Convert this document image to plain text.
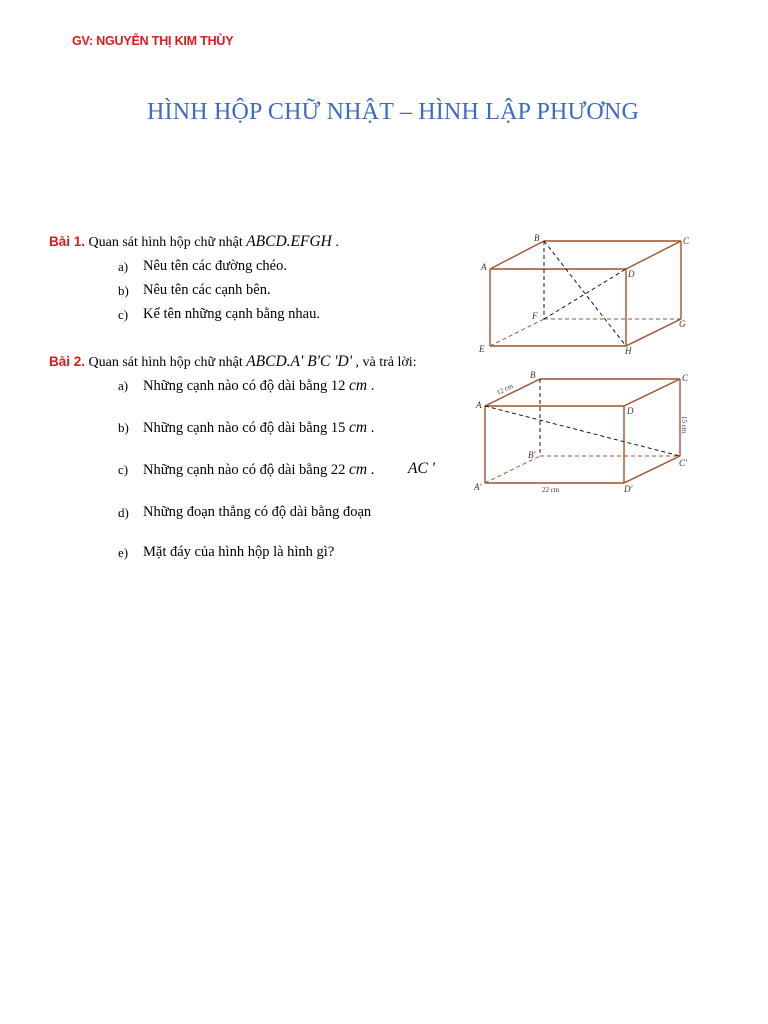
GV: NGUYỄN THỊ KIM THÙY
HÌNH HỘP CHỮ NHẬT – HÌNH LẬP PHƯƠNG
Bài 1. Quan sát hình hộp chữ nhật ABCD.EFGH .
a) Nêu tên các đường chéo.
b) Nêu tên các cạnh bên.
c) Kể tên những cạnh bằng nhau.
A
B	C
D
E
F
G
H
Bài 2. Quan sát hình hộp chữ nhật ABCD.A' B'C 'D' , và trả lời:
a) Những cạnh nào có độ dài bằng 12 cm .
b) Những cạnh nào có độ dài bằng 15 cm .
c) Những cạnh nào có độ dài bằng 22 cm .
d) Những đoạn thẳng có độ dài bằng đoạn
e) Mặt đáy của hình hộp là hình gì?
AC '
A
B	C
D
A'
B'
C'
D'
12 cm
15 cm
22 cm
